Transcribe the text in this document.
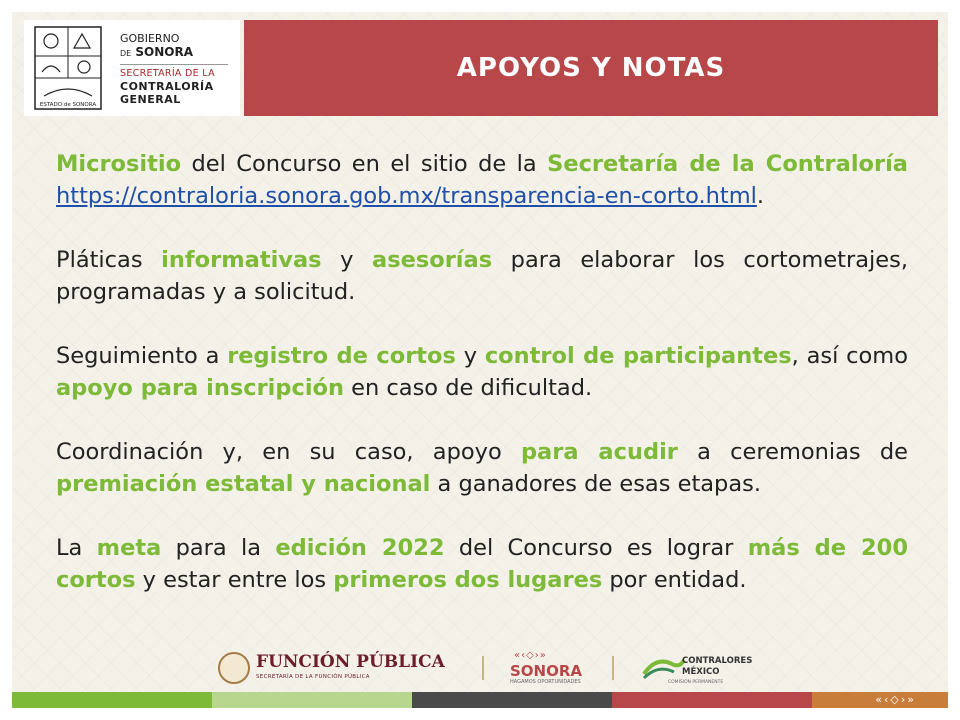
ESTADO de SONORA
GOBIERNO
DE SONORA
SECRETARÍA DE LA
CONTRALORÍA
GENERAL
APOYOS Y NOTAS

Micrositio del Concurso en el sitio de la Secretaría de la Contraloría https://contraloria.sonora.gob.mx/transparencia-en-corto.html.

Pláticas informativas y asesorías para elaborar los cortometrajes, programadas y a solicitud.

Seguimiento a registro de cortos y control de participantes, así como apoyo para inscripción en caso de dificultad.

Coordinación y, en su caso, apoyo para acudir a ceremonias de premiación estatal y nacional a ganadores de esas etapas.

La meta para la edición 2022 del Concurso es lograr más de 200 cortos y estar entre los primeros dos lugares por entidad.

FUNCIÓN PÚBLICA
SECRETARÍA DE LA FUNCIÓN PÚBLICA
«‹◇›»
SONORA
HAGAMOS OPORTUNIDADES
CONTRALORES
MÉXICO
COMISIÓN PERMANENTE
«‹◇›»
